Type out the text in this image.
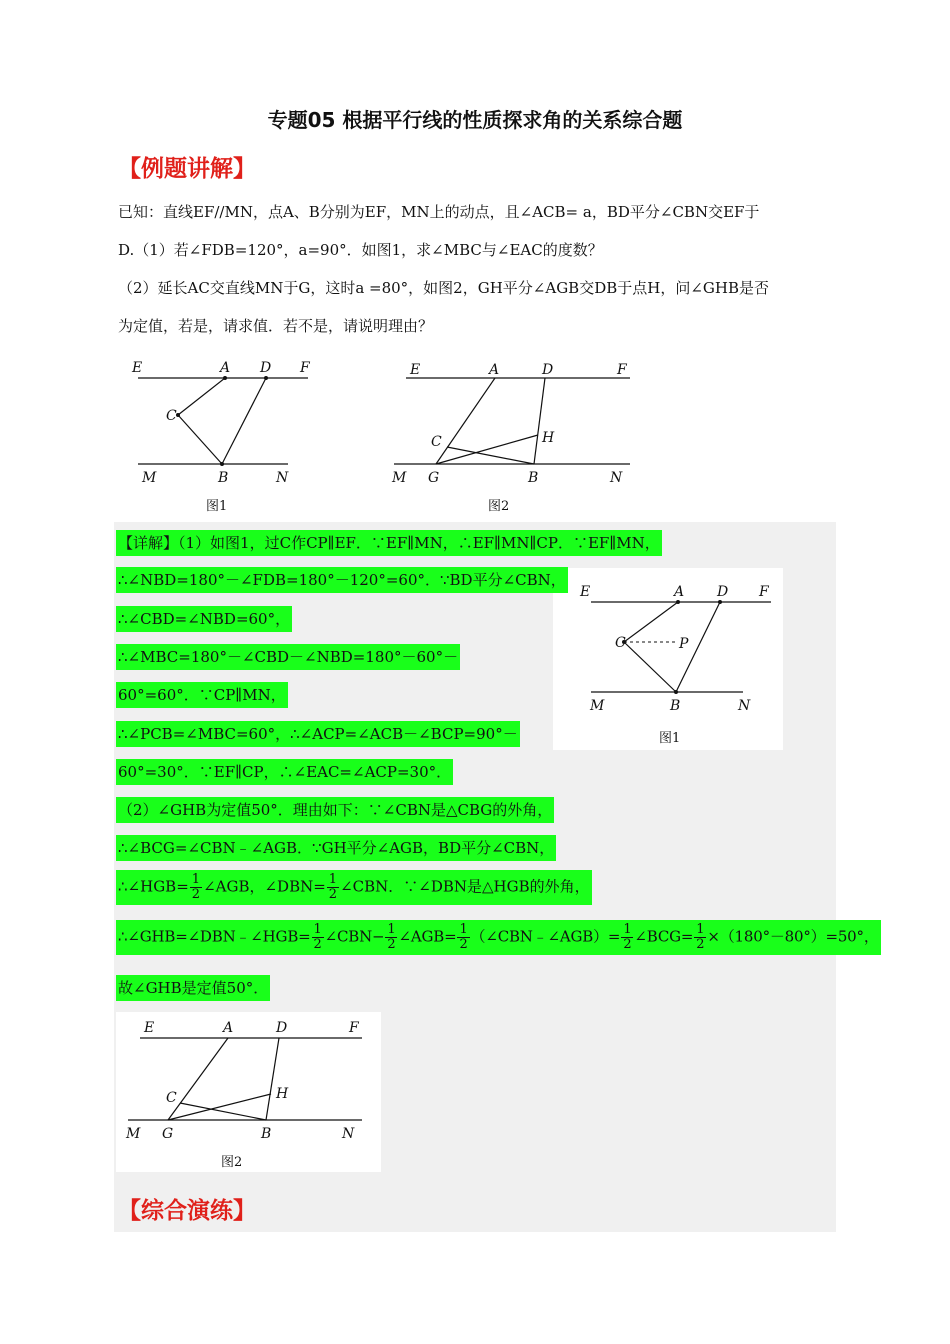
专题05 根据平行线的性质探求角的关系综合题
【例题讲解】
已知：直线EF//MN，点A、B分别为EF，MN上的动点，且∠ACB= a，BD平分∠CBN交EF于
D.（1）若∠FDB=120°，a=90°．如图1，求∠MBC与∠EAC的度数？
（2）延长AC交直线MN于G，这时a =80°，如图2，GH平分∠AGB交DB于点H，问∠GHB是否
为定值，若是，请求值．若不是，请说明理由？
E	A D F
C
M	B	N
图1
E	A	D	F
C	H
M G	B	N
图2
E	A D F
C	P
M	B	N
图1
【详解】（1）如图1，过C作CP∥EF．∵EF∥MN，∴EF∥MN∥CP．∵EF∥MN，
∴∠NBD=180°－∠FDB=180°－120°=60°．∵BD平分∠CBN，
∴∠CBD=∠NBD=60°，
∴∠MBC=180°－∠CBD－∠NBD=180°－60°－
60°=60°．∵CP∥MN，
∴∠PCB=∠MBC=60°，∴∠ACP=∠ACB－∠BCP=90°－
60°=30°．∵EF∥CP，∴∠EAC=∠ACP=30°．
（2）∠GHB为定值50°．理由如下：∵∠CBN是△CBG的外角，
∴∠BCG=∠CBN﹣∠AGB．∵GH平分∠AGB，BD平分∠CBN，
∴∠HGB= $\frac{1}{2}$ ∠AGB，∠DBN= $\frac{1}{2}$ ∠CBN．∵∠DBN是△HGB的外角，
∴∠GHB=∠DBN﹣∠HGB= $\frac{1}{2}$ ∠CBN− $\frac{1}{2}$ ∠AGB= $\frac{1}{2}$ （∠CBN﹣∠AGB）= $\frac{1}{2}$ ∠BCG= $\frac{1}{2} \times(180^\circ-80^\circ)=50^\circ$，
故∠GHB是定值50°．
E	A	D	F
C	H
M G	B	N
图2
【综合演练】
